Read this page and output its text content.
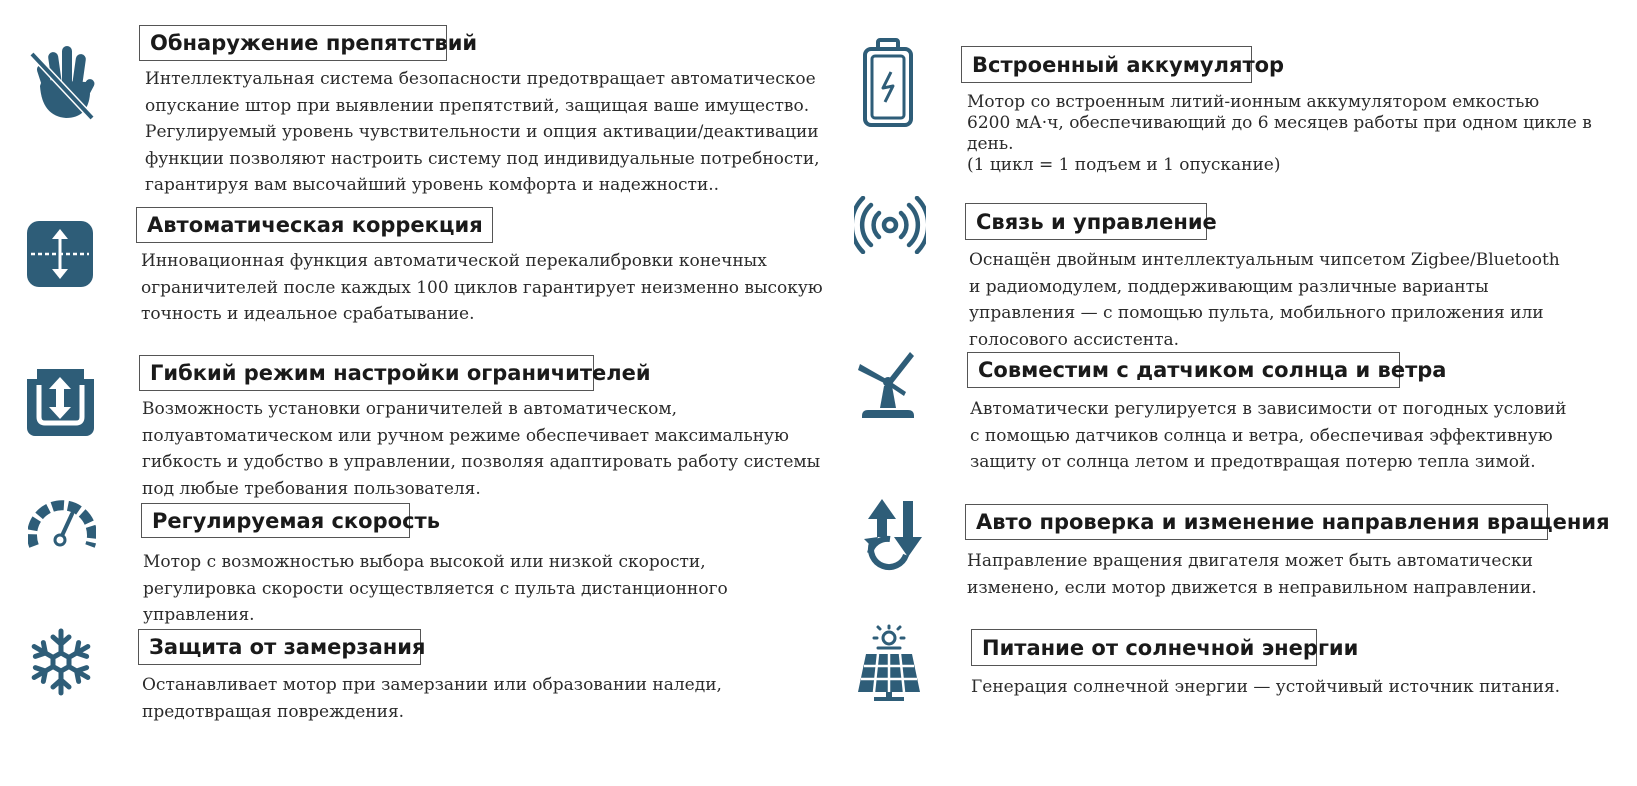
Обнаружение препятствий
Интеллектуальная система безопасности предотвращает автоматическое
опускание штор при выявлении препятствий, защищая ваше имущество.
Регулируемый уровень чувствительности и опция активации/деактивации
функции позволяют настроить систему под индивидуальные потребности,
гарантируя вам высочайший уровень комфорта и надежности..
Автоматическая коррекция
Инновационная функция автоматической перекалибровки конечных
ограничителей после каждых 100 циклов гарантирует неизменно высокую
точность и идеальное срабатывание.
Гибкий режим настройки ограничителей
Возможность установки ограничителей в автоматическом,
полуавтоматическом или ручном режиме обеспечивает максимальную
гибкость и удобство в управлении, позволяя адаптировать работу системы
под любые требования пользователя.
Регулируемая скорость
Мотор с возможностью выбора высокой или низкой скорости,
регулировка скорости осуществляется с пульта дистанционного
управления.
Защита от замерзания
Останавливает мотор при замерзании или образовании наледи,
предотвращая повреждения.
Встроенный аккумулятор
Мотор со встроенным литий-ионным аккумулятором емкостью
6200 мА·ч, обеспечивающий до 6 месяцев работы при одном цикле в
день.
(1 цикл = 1 подъем и 1 опускание)
Связь и управление
Оснащён двойным интеллектуальным чипсетом Zigbee/Bluetooth
и радиомодулем, поддерживающим различные варианты
управления — с помощью пульта, мобильного приложения или
голосового ассистента.
Совместим с датчиком солнца и ветра
Автоматически регулируется в зависимости от погодных условий
с помощью датчиков солнца и ветра, обеспечивая эффективную
защиту от солнца летом и предотвращая потерю тепла зимой.
Авто проверка и изменение направления вращения
Направление вращения двигателя может быть автоматически
изменено, если мотор движется в неправильном направлении.
Питание от солнечной энергии
Генерация солнечной энергии — устойчивый источник питания.
